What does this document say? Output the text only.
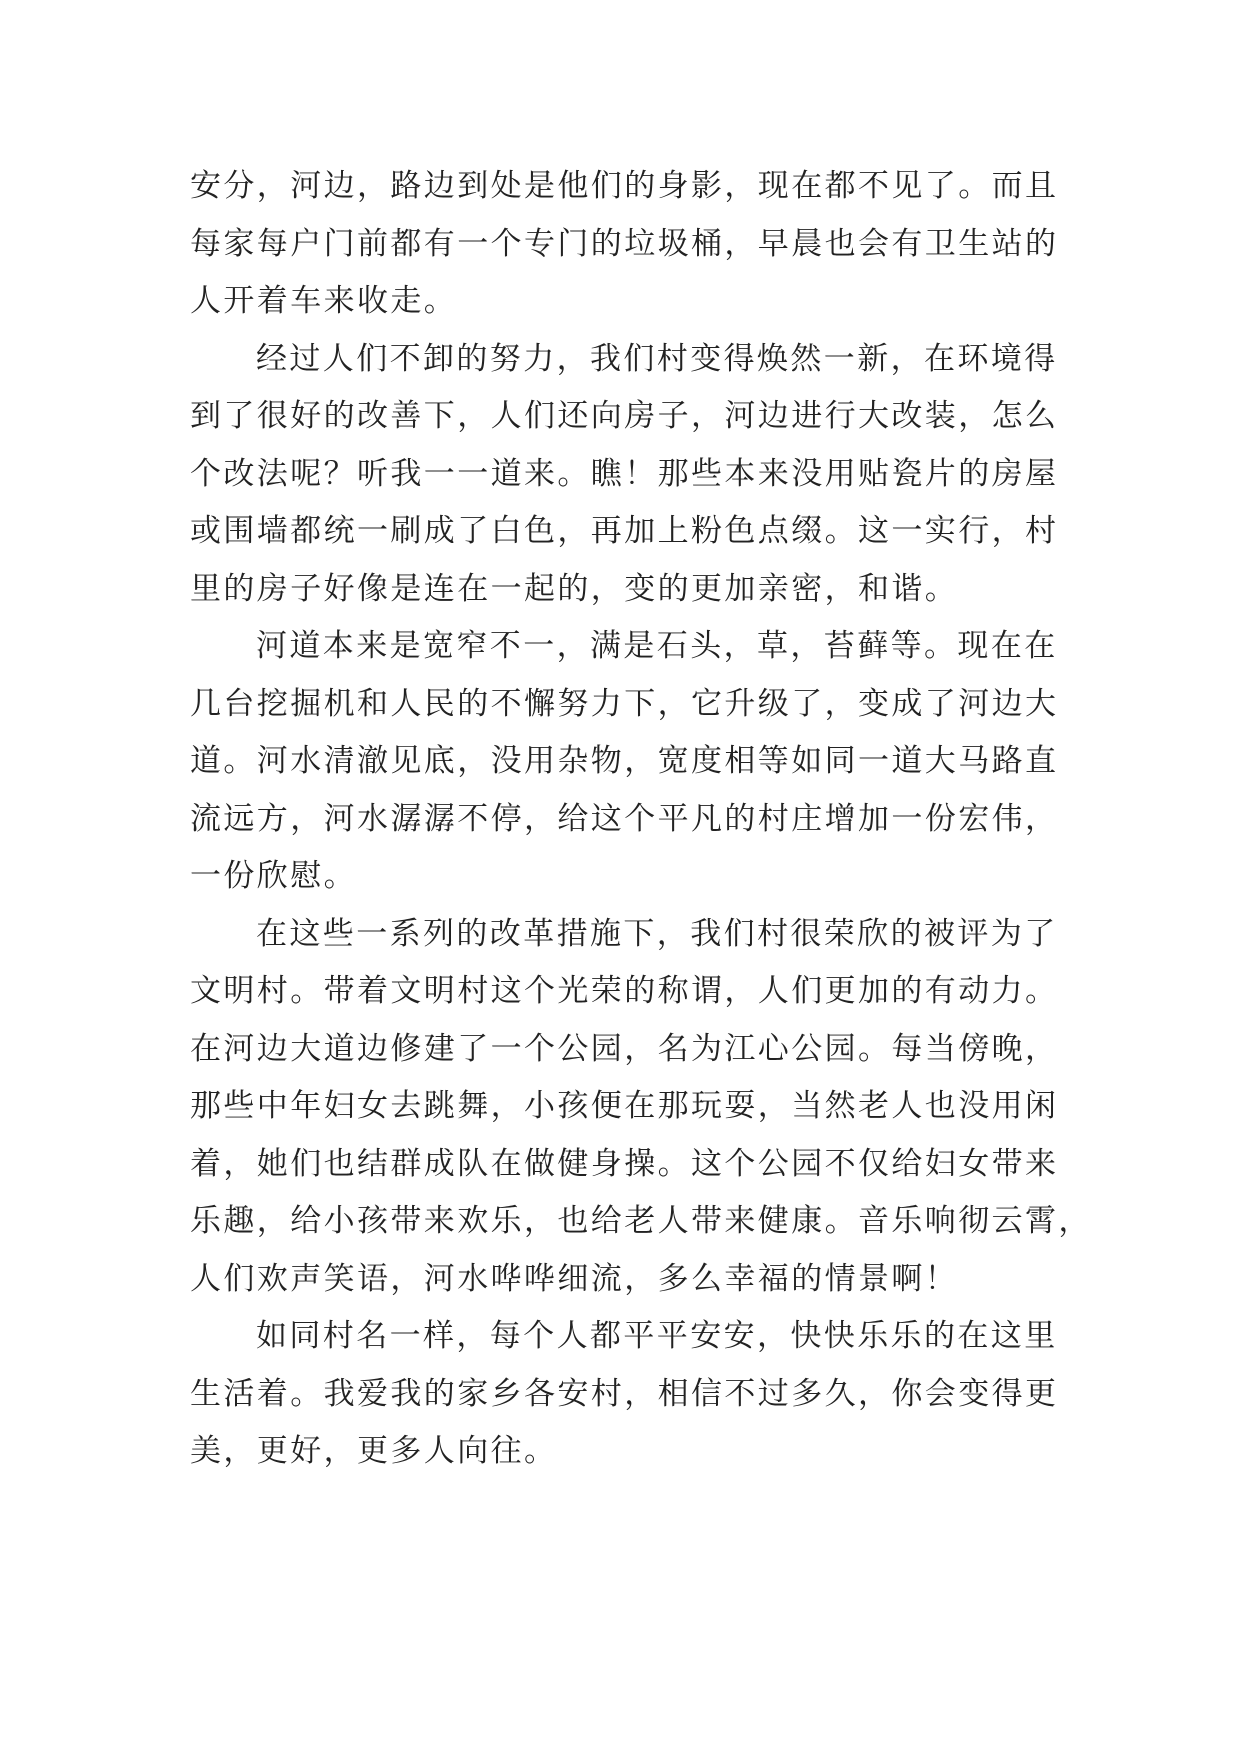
安分，河边，路边到处是他们的身影，现在都不见了。而且
每家每户门前都有一个专门的垃圾桶，早晨也会有卫生站的
人开着车来收走。
经过人们不卸的努力，我们村变得焕然一新，在环境得
到了很好的改善下，人们还向房子，河边进行大改装，怎么
个改法呢？听我一一道来。瞧！那些本来没用贴瓷片的房屋
或围墙都统一刷成了白色，再加上粉色点缀。这一实行，村
里的房子好像是连在一起的，变的更加亲密，和谐。
河道本来是宽窄不一，满是石头，草，苔藓等。现在在
几台挖掘机和人民的不懈努力下，它升级了，变成了河边大
道。河水清澈见底，没用杂物，宽度相等如同一道大马路直
流远方，河水潺潺不停，给这个平凡的村庄增加一份宏伟，
一份欣慰。
在这些一系列的改革措施下，我们村很荣欣的被评为了
文明村。带着文明村这个光荣的称谓，人们更加的有动力。
在河边大道边修建了一个公园，名为江心公园。每当傍晚，
那些中年妇女去跳舞，小孩便在那玩耍，当然老人也没用闲
着，她们也结群成队在做健身操。这个公园不仅给妇女带来
乐趣，给小孩带来欢乐，也给老人带来健康。音乐响彻云霄，
人们欢声笑语，河水哗哗细流，多么幸福的情景啊！
如同村名一样，每个人都平平安安，快快乐乐的在这里
生活着。我爱我的家乡各安村，相信不过多久，你会变得更
美，更好，更多人向往。
